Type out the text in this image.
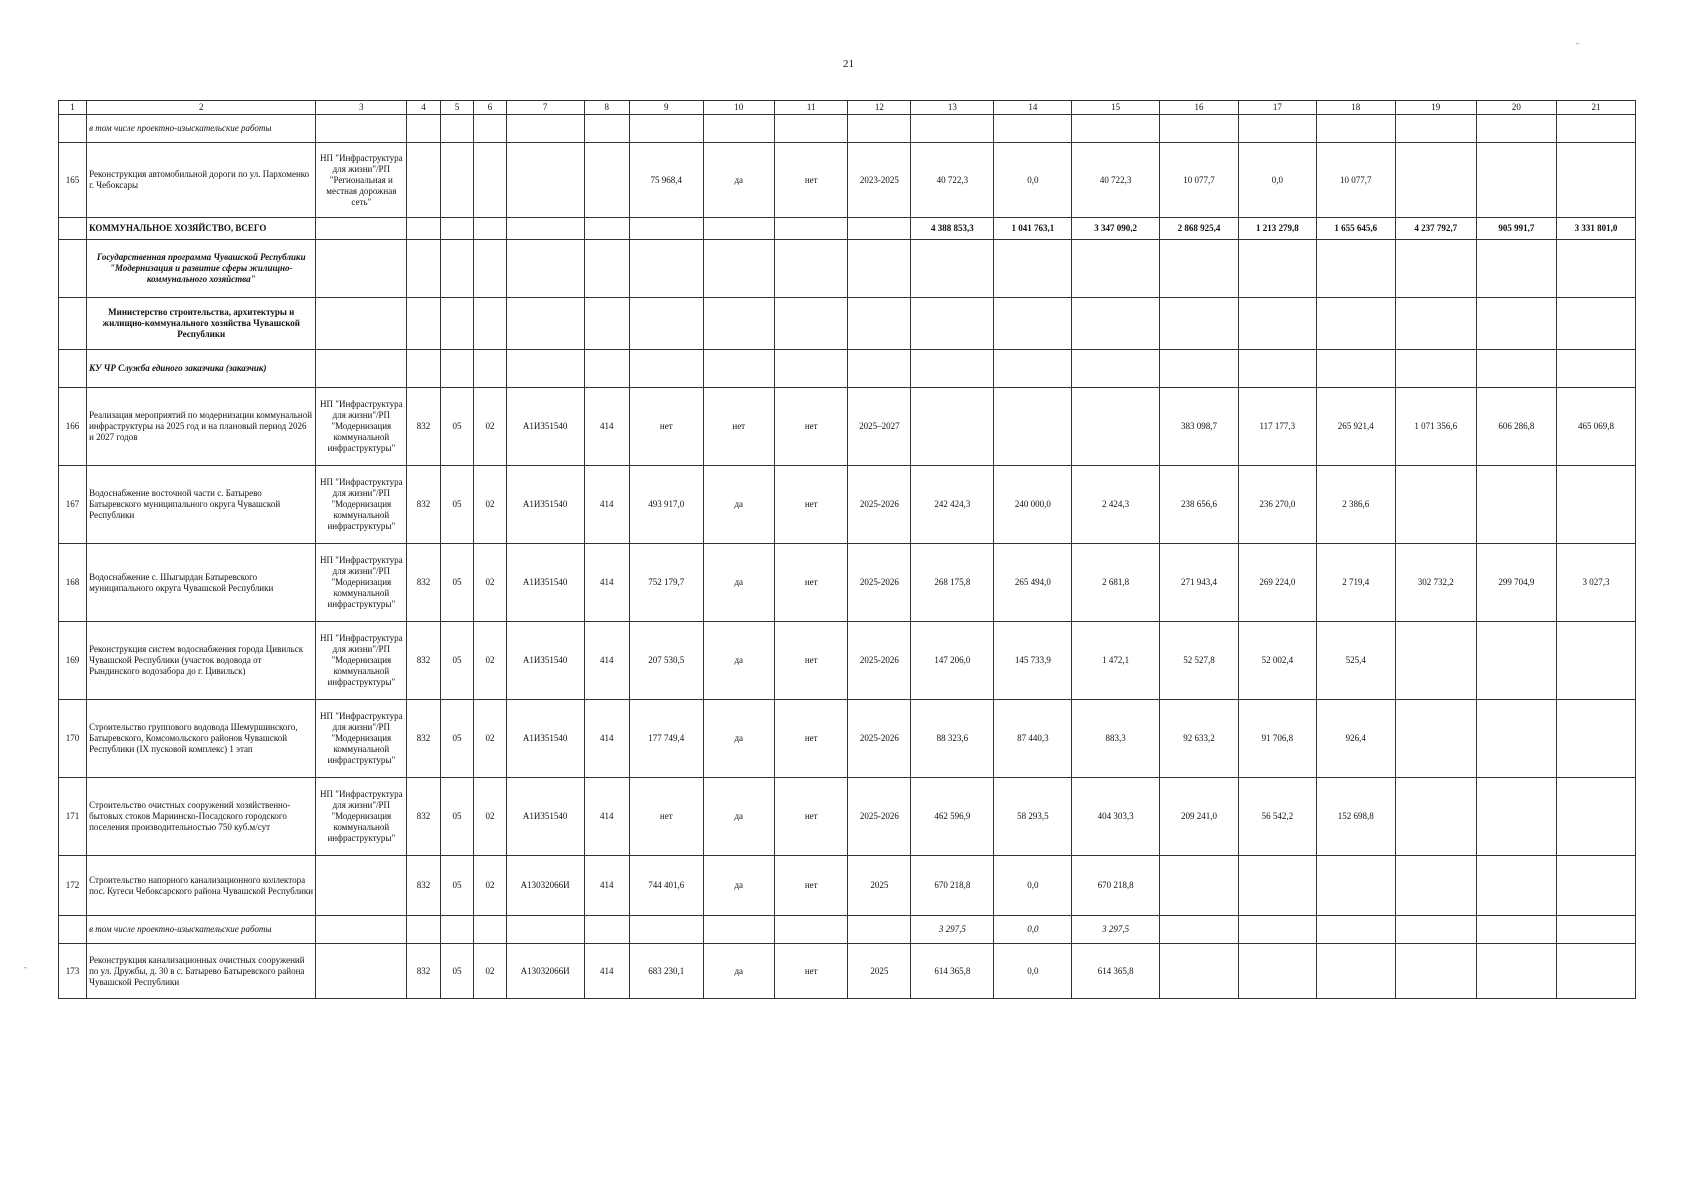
21
1	2	3	4	5	6	7	8	9	10	11	12	13	14	15	16	17	18	19	20	21
	в том числе проектно-изыскательские работы																			
165	Реконструкция автомобильной дороги по ул. Пархоменко г. Чебоксары	НП "Инфраструктура для жизни"/РП "Региональная и местная дорожная сеть"						75 968,4	да	нет	2023-2025	40 722,3	0,0	40 722,3	10 077,7	0,0	10 077,7			
	КОММУНАЛЬНОЕ ХОЗЯЙСТВО, ВСЕГО											4 388 853,3	1 041 763,1	3 347 090,2	2 868 925,4	1 213 279,8	1 655 645,6	4 237 792,7	905 991,7	3 331 801,0
	Государственная программа Чувашской Республики "Модернизация и развитие сферы жилищно-коммунального хозяйства"																			
	Министерство строительства, архитектуры и жилищно-коммунального хозяйства Чувашской Республики																			
	КУ ЧР Служба единого заказчика (заказчик)																			
166	Реализация мероприятий по модернизации коммунальной инфраструктуры на 2025 год и на плановый период 2026 и 2027 годов	НП "Инфраструктура для жизни"/РП "Модернизация коммунальной инфраструктуры"	832	05	02	А1ИЗ51540	414	нет	нет	нет	2025–2027				383 098,7	117 177,3	265 921,4	1 071 356,6	606 286,8	465 069,8
167	Водоснабжение восточной части с. Батырево Батыревского муниципального округа Чувашской Республики	НП "Инфраструктура для жизни"/РП "Модернизация коммунальной инфраструктуры"	832	05	02	А1ИЗ51540	414	493 917,0	да	нет	2025-2026	242 424,3	240 000,0	2 424,3	238 656,6	236 270,0	2 386,6			
168	Водоснабжение с. Шыгырдан Батыревского муниципального округа Чувашской Республики	НП "Инфраструктура для жизни"/РП "Модернизация коммунальной инфраструктуры"	832	05	02	А1ИЗ51540	414	752 179,7	да	нет	2025-2026	268 175,8	265 494,0	2 681,8	271 943,4	269 224,0	2 719,4	302 732,2	299 704,9	3 027,3
169	Реконструкция систем водоснабжения города Цивильск Чувашской Республики (участок водовода от Рындинского водозабора до г. Цивильск)	НП "Инфраструктура для жизни"/РП "Модернизация коммунальной инфраструктуры"	832	05	02	А1ИЗ51540	414	207 530,5	да	нет	2025-2026	147 206,0	145 733,9	1 472,1	52 527,8	52 002,4	525,4			
170	Строительство группового водовода Шемуршинского, Батыревского, Комсомольского районов Чувашской Республики (IX пусковой комплекс) 1 этап	НП "Инфраструктура для жизни"/РП "Модернизация коммунальной инфраструктуры"	832	05	02	А1ИЗ51540	414	177 749,4	да	нет	2025-2026	88 323,6	87 440,3	883,3	92 633,2	91 706,8	926,4			
171	Строительство очистных сооружений хозяйственно-бытовых стоков Мариинско-Посадского городского поселения производительностью 750 куб.м/сут	НП "Инфраструктура для жизни"/РП "Модернизация коммунальной инфраструктуры"	832	05	02	А1ИЗ51540	414	нет	да	нет	2025-2026	462 596,9	58 293,5	404 303,3	209 241,0	56 542,2	152 698,8			
172	Строительство напорного канализационного коллектора пос. Кугеси Чебоксарского района Чувашской Республики		832	05	02	А13032066И	414	744 401,6	да	нет	2025	670 218,8	0,0	670 218,8						
	в том числе проектно-изыскательские работы											3 297,5	0,0	3 297,5						
173	Реконструкция канализационных очистных сооружений по ул. Дружбы, д. 30 в с. Батырево Батыревского района Чувашской Республики		832	05	02	А13032066И	414	683 230,1	да	нет	2025	614 365,8	0,0	614 365,8						
-
-
